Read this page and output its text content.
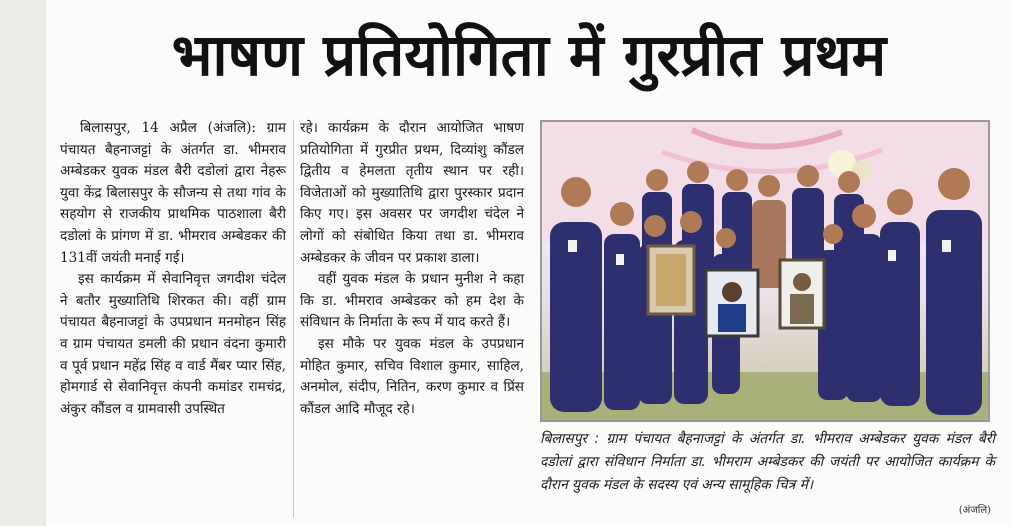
भाषण प्रतियोगिता में गुरप्रीत प्रथम

बिलासपुर, 14 अप्रैल (अंजलि): ग्राम पंचायत बैहनाजट्टां के अंतर्गत डा. भीमराव अम्बेडकर युवक मंडल बैरी दडोलां द्वारा नेहरू युवा केंद्र बिलासपुर के सौजन्य से तथा गांव के सहयोग से राजकीय प्राथमिक पाठशाला बैरी दडोलां के प्रांगण में डा. भीमराव अम्बेडकर की 131वीं जयंती मनाई गई।

इस कार्यक्रम में सेवानिवृत्त जगदीश चंदेल ने बतौर मुख्यातिथि शिरकत की। वहीं ग्राम पंचायत बैहनाजट्टां के उपप्रधान मनमोहन सिंह व ग्राम पंचायत डमली की प्रधान वंदना कुमारी व पूर्व प्रधान महेंद्र सिंह व वार्ड मैंबर प्यार सिंह, होमगार्ड से सेवानिवृत्त कंपनी कमांडर रामचंद्र, अंकुर कौंडल व ग्रामवासी उपस्थित

रहे। कार्यक्रम के दौरान आयोजित भाषण प्रतियोगिता में गुरप्रीत प्रथम, दिव्यांशु कौंडल द्वितीय व हेमलता तृतीय स्थान पर रही। विजेताओं को मुख्यातिथि द्वारा पुरस्कार प्रदान किए गए। इस अवसर पर जगदीश चंदेल ने लोगों को संबोधित किया तथा डा. भीमराव अम्बेडकर के जीवन पर प्रकाश डाला।

वहीं युवक मंडल के प्रधान मुनीश ने कहा कि डा. भीमराव अम्बेडकर को हम देश के संविधान के निर्माता के रूप में याद करते हैं।

इस मौके पर युवक मंडल के उपप्रधान मोहित कुमार, सचिव विशाल कुमार, साहिल, अनमोल, संदीप, नितिन, करण कुमार व प्रिंस कौंडल आदि मौजूद रहे।

बिलासपुर : ग्राम पंचायत बैहनाजट्टां के अंतर्गत डा. भीमराव अम्बेडकर युवक मंडल बैरी दडोलां द्वारा संविधान निर्माता डा. भीमराम अम्बेडकर की जयंती पर आयोजित कार्यक्रम के दौरान युवक मंडल के सदस्य एवं अन्य सामूहिक चित्र में।
(अंजलि)
